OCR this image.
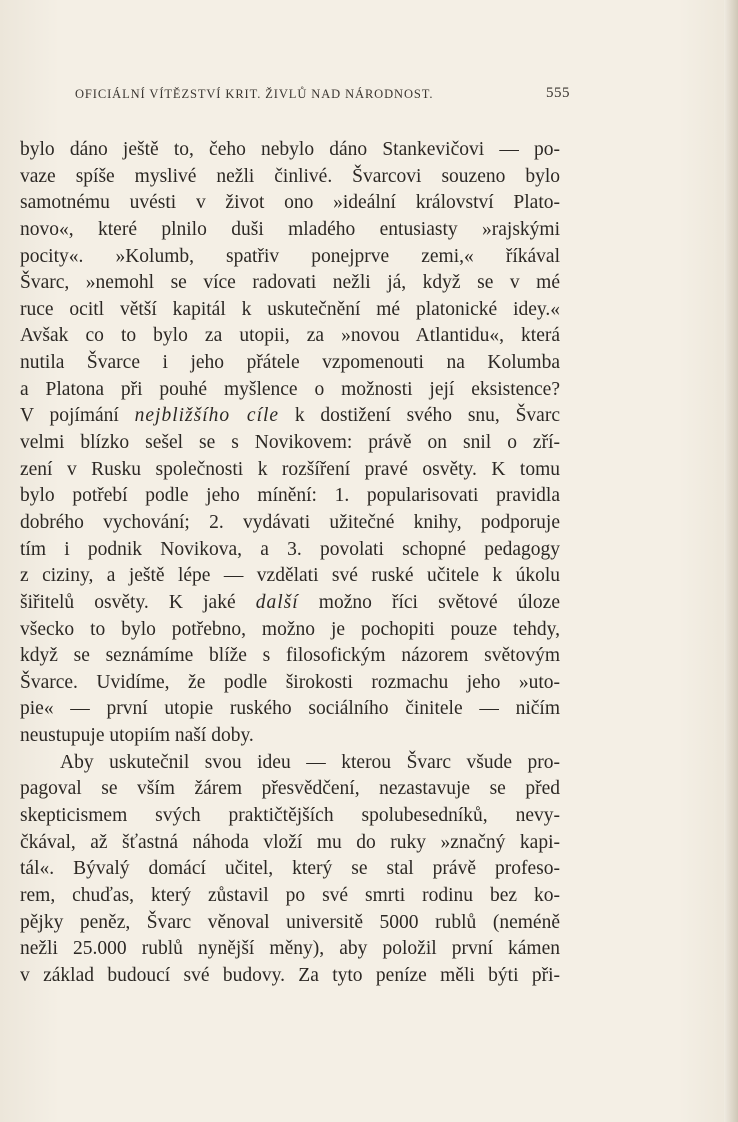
OFICIÁLNÍ VÍTĚZSTVÍ KRIT. ŽIVLŮ NAD NÁRODNOST.	555
bylo dáno ještě to, čeho nebylo dáno Stankevičovi — po-
vaze spíše myslivé nežli činlivé. Švarcovi souzeno bylo
samotnému uvésti v život ono »ideální království Plato-
novo«, které plnilo duši mladého entusiasty »rajskými
pocity«. »Kolumb, spatřiv ponejprve zemi,« říkával
Švarc, »nemohl se více radovati nežli já, když se v mé
ruce ocitl větší kapitál k uskutečnění mé platonické idey.«
Avšak co to bylo za utopii, za »novou Atlantidu«, která
nutila Švarce i jeho přátele vzpomenouti na Kolumba
a Platona při pouhé myšlence o možnosti její eksistence?
V pojímání nejbližšího cíle k dostižení svého snu, Švarc
velmi blízko sešel se s Novikovem: právě on snil o zří-
zení v Rusku společnosti k rozšíření pravé osvěty. K tomu
bylo potřebí podle jeho mínění: 1. popularisovati pravidla
dobrého vychování; 2. vydávati užitečné knihy, podporuje
tím i podnik Novikova, a 3. povolati schopné pedagogy
z ciziny, a ještě lépe — vzdělati své ruské učitele k úkolu
šiřitelů osvěty. K jaké další možno říci světové úloze
všecko to bylo potřebno, možno je pochopiti pouze tehdy,
když se seznámíme blíže s filosofickým názorem světovým
Švarce. Uvidíme, že podle širokosti rozmachu jeho »uto-
pie« — první utopie ruského sociálního činitele — ničím
neustupuje utopiím naší doby.
Aby uskutečnil svou ideu — kterou Švarc všude pro-
pagoval se vším žárem přesvědčení, nezastavuje se před
skepticismem svých praktičtějších spolubesedníků, nevy-
čkával, až šťastná náhoda vloží mu do ruky »značný kapi-
tál«. Bývalý domácí učitel, který se stal právě profeso-
rem, chuďas, který zůstavil po své smrti rodinu bez ko-
pějky peněz, Švarc věnoval universitě 5000 rublů (neméně
nežli 25.000 rublů nynější měny), aby položil první kámen
v základ budoucí své budovy. Za tyto peníze měli býti při-
